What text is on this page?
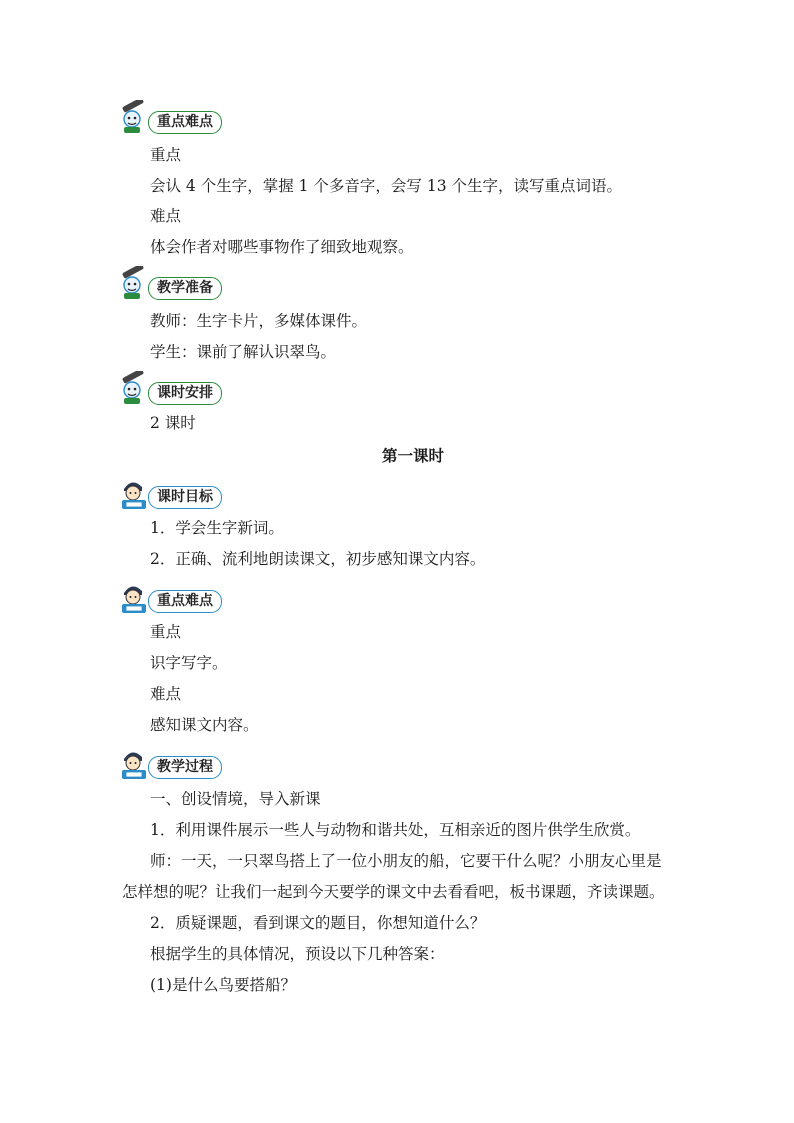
重点难点
重点
会认 4 个生字，掌握 1 个多音字，会写 13 个生字，读写重点词语。
难点
体会作者对哪些事物作了细致地观察。
教学准备
教师：生字卡片，多媒体课件。
学生：课前了解认识翠鸟。
课时安排
2 课时
第一课时
课时目标
1．学会生字新词。
2．正确、流利地朗读课文，初步感知课文内容。
重点难点
重点
识字写字。
难点
感知课文内容。
教学过程
一、创设情境，导入新课
1．利用课件展示一些人与动物和谐共处，互相亲近的图片供学生欣赏。
师：一天，一只翠鸟搭上了一位小朋友的船，它要干什么呢？小朋友心里是
怎样想的呢？让我们一起到今天要学的课文中去看看吧，板书课题，齐读课题。
2．质疑课题，看到课文的题目，你想知道什么？
根据学生的具体情况，预设以下几种答案：
(1)是什么鸟要搭船？
